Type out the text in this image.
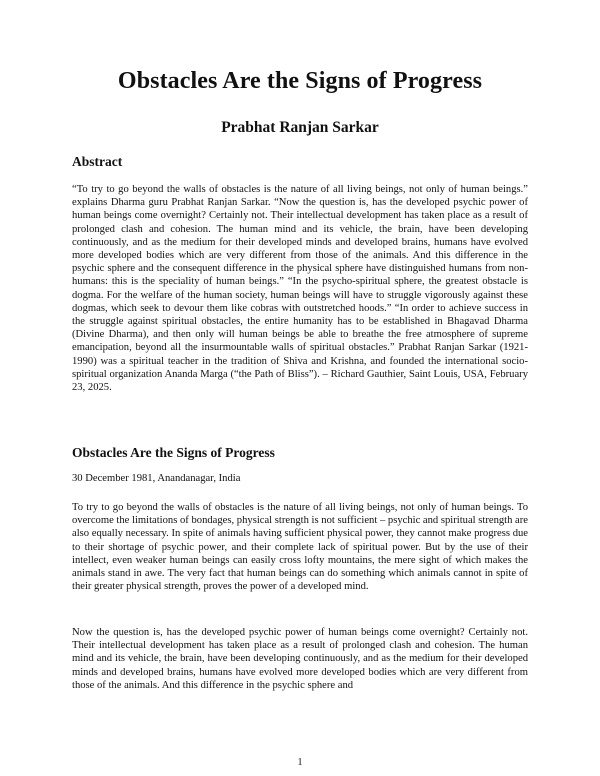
Obstacles Are the Signs of Progress
Prabhat Ranjan Sarkar
Abstract

“To try to go beyond the walls of obstacles is the nature of all living beings, not only of human beings.” explains Dharma guru Prabhat Ranjan Sarkar. “Now the question is, has the developed psychic power of human beings come overnight? Certainly not. Their intellectual development has taken place as a result of prolonged clash and cohesion. The human mind and its vehicle, the brain, have been developing continuously, and as the medium for their developed minds and developed brains, humans have evolved more developed bodies which are very different from those of the animals. And this difference in the psychic sphere and the consequent difference in the physical sphere have distinguished humans from non-humans: this is the speciality of human beings.” “In the psycho-spiritual sphere, the greatest obstacle is dogma. For the welfare of the human society, human beings will have to struggle vigorously against these dogmas, which seek to devour them like cobras with outstretched hoods.” “In order to achieve success in the struggle against spiritual obstacles, the entire humanity has to be established in Bhagavad Dharma (Divine Dharma), and then only will human beings be able to breathe the free atmosphere of supreme emancipation, beyond all the insurmountable walls of spiritual obstacles.” Prabhat Ranjan Sarkar (1921-1990) was a spiritual teacher in the tradition of Shiva and Krishna, and founded the international socio-spiritual organization Ananda Marga (“the Path of Bliss”). – Richard Gauthier, Saint Louis, USA, February 23, 2025.

Obstacles Are the Signs of Progress
30 December 1981, Anandanagar, India

To try to go beyond the walls of obstacles is the nature of all living beings, not only of human beings. To overcome the limitations of bondages, physical strength is not sufficient – psychic and spiritual strength are also equally necessary. In spite of animals having sufficient physical power, they cannot make progress due to their shortage of psychic power, and their complete lack of spiritual power. But by the use of their intellect, even weaker human beings can easily cross lofty mountains, the mere sight of which makes the animals stand in awe. The very fact that human beings can do something which animals cannot in spite of their greater physical strength, proves the power of a developed mind.

Now the question is, has the developed psychic power of human beings come overnight? Certainly not. Their intellectual development has taken place as a result of prolonged clash and cohesion. The human mind and its vehicle, the brain, have been developing continuously, and as the medium for their developed minds and developed brains, humans have evolved more developed bodies which are very different from those of the animals. And this difference in the psychic sphere and

1
